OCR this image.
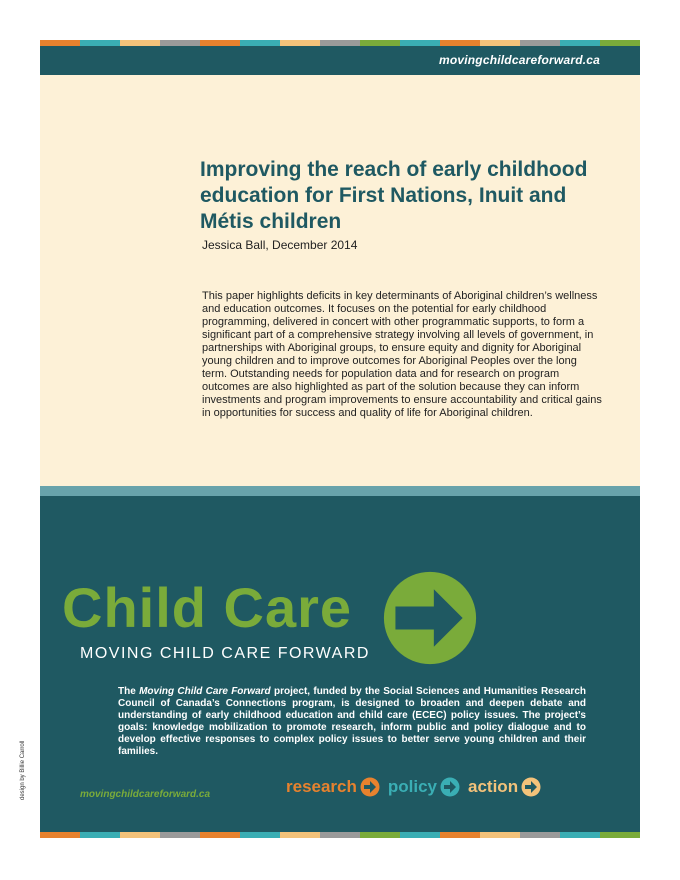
movingchildcareforward.ca
Improving the reach of early childhood education for First Nations, Inuit and Métis children
Jessica Ball, December 2014

This paper highlights deficits in key determinants of Aboriginal children’s wellness and education outcomes. It focuses on the potential for early childhood programming, delivered in concert with other programmatic supports, to form a significant part of a comprehensive strategy involving all levels of government, in partnerships with Aboriginal groups, to ensure equity and dignity for Aboriginal young children and to improve outcomes for Aboriginal Peoples over the long term. Outstanding needs for population data and for research on program outcomes are also highlighted as part of the solution because they can inform investments and program improvements to ensure accountability and critical gains in opportunities for success and quality of life for Aboriginal children.

Child Care
MOVING CHILD CARE FORWARD

The Moving Child Care Forward project, funded by the Social Sciences and Humanities Research Council of Canada’s Connections program, is designed to broaden and deepen debate and understanding of early childhood education and child care (ECEC) policy issues. The project’s goals: knowledge mobilization to promote research, inform public and policy dialogue and to develop effective responses to complex policy issues to better serve young children and their families.

movingchildcareforward.ca	research policy action
design by Billie Carroll
